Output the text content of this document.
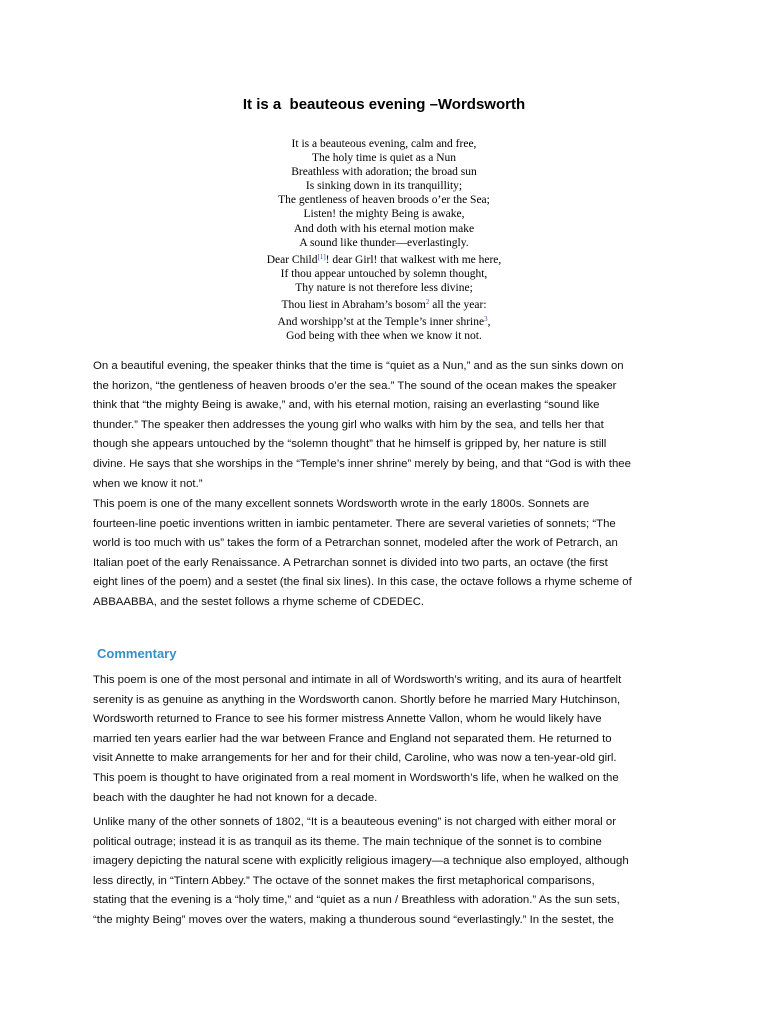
It is a  beauteous evening –Wordsworth
It is a beauteous evening, calm and free,
The holy time is quiet as a Nun
Breathless with adoration; the broad sun
Is sinking down in its tranquillity;
The gentleness of heaven broods o’er the Sea;
Listen! the mighty Being is awake,
And doth with his eternal motion make
A sound like thunder—everlastingly.
Dear Child[1]! dear Girl! that walkest with me here,
If thou appear untouched by solemn thought,
Thy nature is not therefore less divine;
Thou liest in Abraham’s bosom$^2$ all the year:
And worshipp’st at the Temple’s inner shrine$^3$,
God being with thee when we know it not.
On a beautiful evening, the speaker thinks that the time is “quiet as a Nun,” and as the sun sinks down on
the horizon, “the gentleness of heaven broods o’er the sea.” The sound of the ocean makes the speaker
think that “the mighty Being is awake,” and, with his eternal motion, raising an everlasting “sound like
thunder.” The speaker then addresses the young girl who walks with him by the sea, and tells her that
though she appears untouched by the “solemn thought” that he himself is gripped by, her nature is still
divine. He says that she worships in the “Temple’s inner shrine” merely by being, and that “God is with thee
when we know it not.”
This poem is one of the many excellent sonnets Wordsworth wrote in the early 1800s. Sonnets are
fourteen-line poetic inventions written in iambic pentameter. There are several varieties of sonnets; “The
world is too much with us” takes the form of a Petrarchan sonnet, modeled after the work of Petrarch, an
Italian poet of the early Renaissance. A Petrarchan sonnet is divided into two parts, an octave (the first
eight lines of the poem) and a sestet (the final six lines). In this case, the octave follows a rhyme scheme of
ABBAABBA, and the sestet follows a rhyme scheme of CDEDEC.
Commentary
This poem is one of the most personal and intimate in all of Wordsworth’s writing, and its aura of heartfelt
serenity is as genuine as anything in the Wordsworth canon. Shortly before he married Mary Hutchinson,
Wordsworth returned to France to see his former mistress Annette Vallon, whom he would likely have
married ten years earlier had the war between France and England not separated them. He returned to
visit Annette to make arrangements for her and for their child, Caroline, who was now a ten-year-old girl.
This poem is thought to have originated from a real moment in Wordsworth’s life, when he walked on the
beach with the daughter he had not known for a decade.
Unlike many of the other sonnets of 1802, “It is a beauteous evening” is not charged with either moral or
political outrage; instead it is as tranquil as its theme. The main technique of the sonnet is to combine
imagery depicting the natural scene with explicitly religious imagery—a technique also employed, although
less directly, in “Tintern Abbey.” The octave of the sonnet makes the first metaphorical comparisons,
stating that the evening is a “holy time,” and “quiet as a nun / Breathless with adoration.” As the sun sets,
“the mighty Being” moves over the waters, making a thunderous sound “everlastingly.” In the sestet, the
